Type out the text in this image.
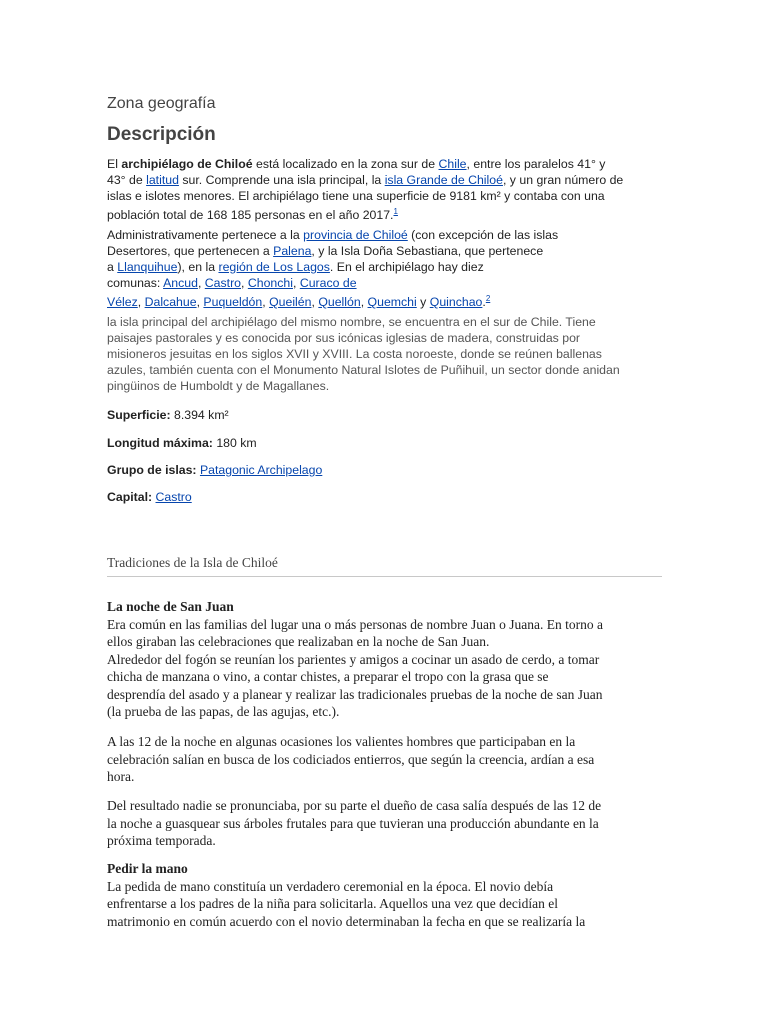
Zona geografía
Descripción

El archipiélago de Chiloé está localizado en la zona sur de Chile, entre los paralelos 41° y
43° de latitud sur. Comprende una isla principal, la isla Grande de Chiloé, y un gran número de
islas e islotes menores. El archipiélago tiene una superficie de 9181 km² y contaba con una
población total de 168 185 personas en el año 2017.$^1$

Administrativamente pertenece a la provincia de Chiloé (con excepción de las islas
Desertores, que pertenecen a Palena, y la Isla Doña Sebastiana, que pertenece
a Llanquihue), en la región de Los Lagos. En el archipiélago hay diez
comunas: Ancud, Castro, Chonchi, Curaco de
Vélez, Dalcahue, Puqueldón, Queilén, Quellón, Quemchi y Quinchao.$^2$

la isla principal del archipiélago del mismo nombre, se encuentra en el sur de Chile. Tiene
paisajes pastorales y es conocida por sus icónicas iglesias de madera, construidas por
misioneros jesuitas en los siglos XVII y XVIII. La costa noroeste, donde se reúnen ballenas
azules, también cuenta con el Monumento Natural Islotes de Puñihuil, un sector donde anidan
pingüinos de Humboldt y de Magallanes.

Superficie: 8.394 km²

Longitud máxima: 180 km

Grupo de islas: Patagonic Archipelago

Capital: Castro

Tradiciones de la Isla de Chiloé

La noche de San Juan
Era común en las familias del lugar una o más personas de nombre Juan o Juana. En torno a
ellos giraban las celebraciones que realizaban en la noche de San Juan.
Alrededor del fogón se reunían los parientes y amigos a cocinar un asado de cerdo, a tomar
chicha de manzana o vino, a contar chistes, a preparar el tropo con la grasa que se
desprendía del asado y a planear y realizar las tradicionales pruebas de la noche de san Juan
(la prueba de las papas, de las agujas, etc.).

A las 12 de la noche en algunas ocasiones los valientes hombres que participaban en la
celebración salían en busca de los codiciados entierros, que según la creencia, ardían a esa
hora.

Del resultado nadie se pronunciaba, por su parte el dueño de casa salía después de las 12 de
la noche a guasquear sus árboles frutales para que tuvieran una producción abundante en la
próxima temporada.

Pedir la mano
La pedida de mano constituía un verdadero ceremonial en la época. El novio debía
enfrentarse a los padres de la niña para solicitarla. Aquellos una vez que decidían el
matrimonio en común acuerdo con el novio determinaban la fecha en que se realizaría la
